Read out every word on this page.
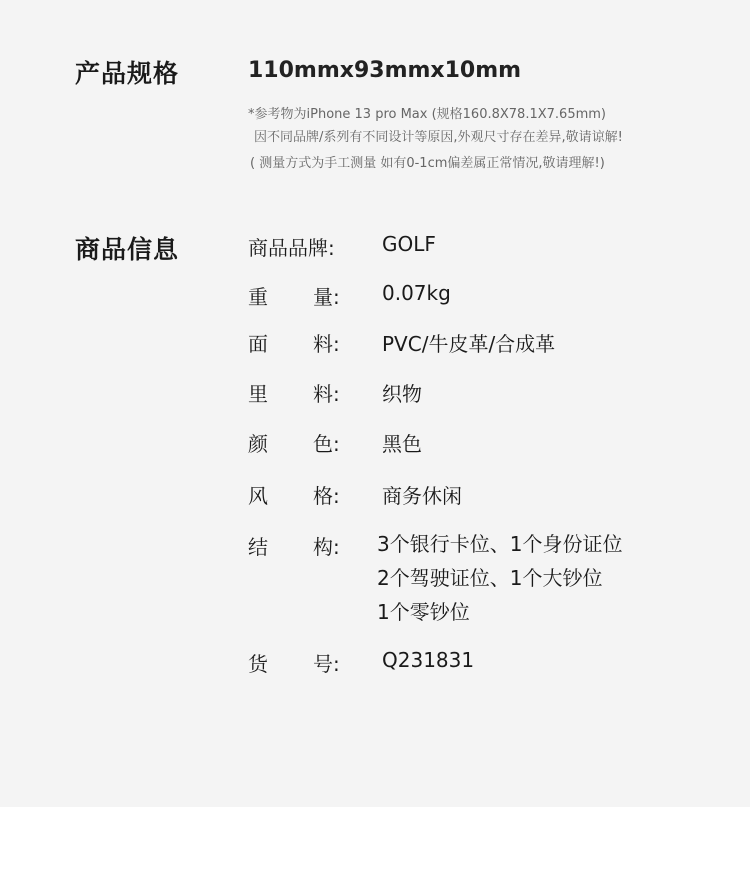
产品规格	110mmx93mmx10mm
*参考物为iPhone 13 pro Max (规格160.8X78.1X7.65mm)
因不同品牌/系列有不同设计等原因,外观尺寸存在差异,敬请谅解!
( 测量方式为手工测量 如有0-1cm偏差属正常情况,敬请理解!)
商品信息	商品品牌: GOLF
重 量: 0.07kg
面 料: PVC/牛皮革/合成革
里 料: 织物
颜 色: 黑色
风 格: 商务休闲
结 构: 3个银行卡位、1个身份证位
2个驾驶证位、1个大钞位
1个零钞位
货 号: Q231831
